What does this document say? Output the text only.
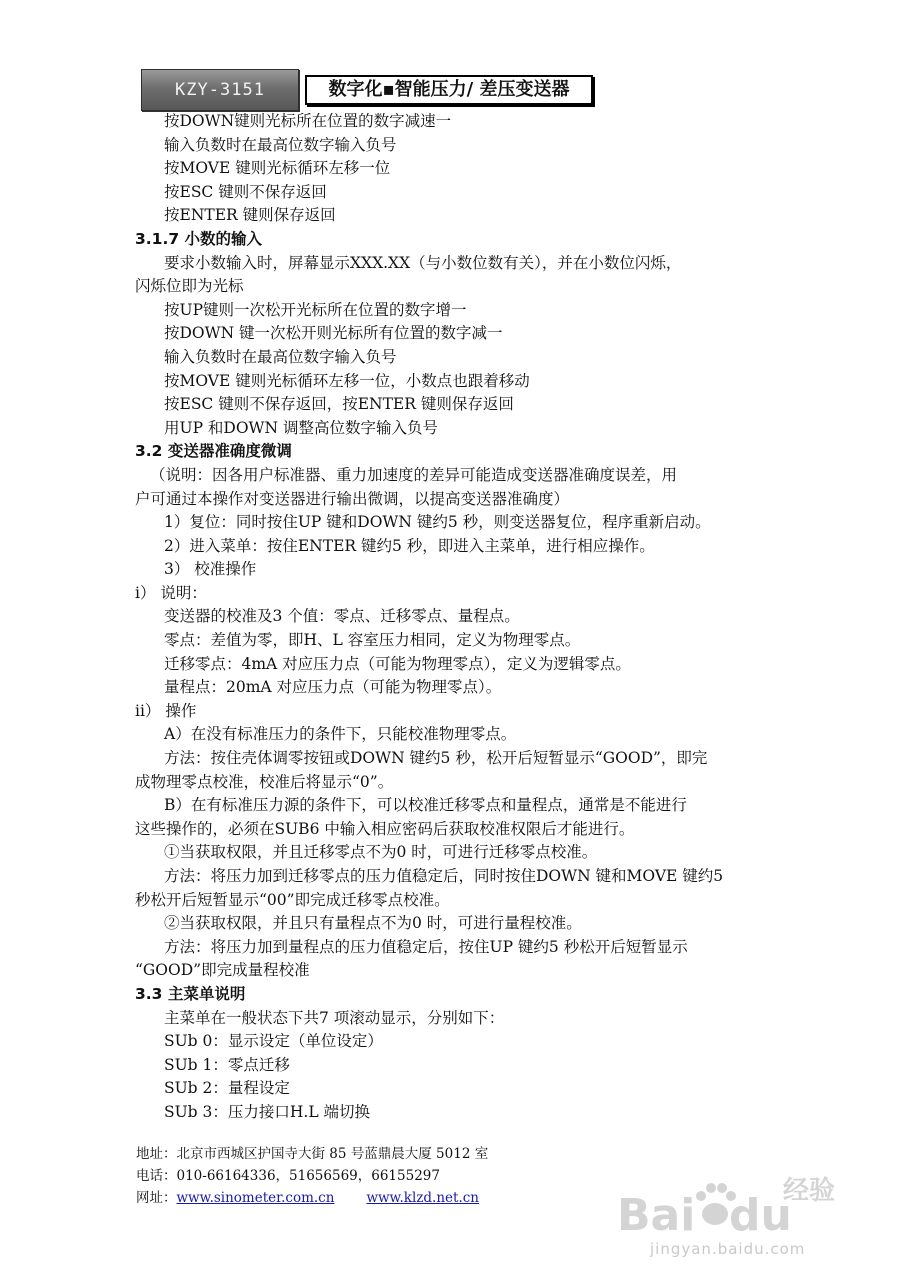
KZY-3151	数字化▪智能压力/ 差压变送器
按DOWN键则光标所在位置的数字减速一
输入负数时在最高位数字输入负号
按MOVE 键则光标循环左移一位
按ESC 键则不保存返回
按ENTER 键则保存返回
3.1.7 小数的输入
要求小数输入时，屏幕显示XXX.XX（与小数位数有关），并在小数位闪烁，
闪烁位即为光标
按UP键则一次松开光标所在位置的数字增一
按DOWN 键一次松开则光标所有位置的数字减一
输入负数时在最高位数字输入负号
按MOVE 键则光标循环左移一位，小数点也跟着移动
按ESC 键则不保存返回，按ENTER 键则保存返回
用UP 和DOWN 调整高位数字输入负号
3.2 变送器准确度微调
（说明：因各用户标准器、重力加速度的差异可能造成变送器准确度误差，用
户可通过本操作对变送器进行输出微调，以提高变送器准确度）
1）复位：同时按住UP 键和DOWN 键约5 秒，则变送器复位，程序重新启动。
2）进入菜单：按住ENTER 键约5 秒，即进入主菜单，进行相应操作。
3） 校准操作
i） 说明：
变送器的校准及3 个值：零点、迁移零点、量程点。
零点：差值为零，即H、L 容室压力相同，定义为物理零点。
迁移零点：4mA 对应压力点（可能为物理零点），定义为逻辑零点。
量程点：20mA 对应压力点（可能为物理零点）。
ii） 操作
A）在没有标准压力的条件下，只能校准物理零点。
方法：按住壳体调零按钮或DOWN 键约5 秒，松开后短暂显示“GOOD”，即完
成物理零点校准，校准后将显示“0”。
B）在有标准压力源的条件下，可以校准迁移零点和量程点，通常是不能进行
这些操作的，必须在SUB6 中输入相应密码后获取校准权限后才能进行。
①当获取权限，并且迁移零点不为0 时，可进行迁移零点校准。
方法：将压力加到迁移零点的压力值稳定后，同时按住DOWN 键和MOVE 键约5
秒松开后短暂显示“00”即完成迁移零点校准。
②当获取权限，并且只有量程点不为0 时，可进行量程校准。
方法：将压力加到量程点的压力值稳定后，按住UP 键约5 秒松开后短暂显示
“GOOD”即完成量程校准
3.3 主菜单说明
主菜单在一般状态下共7 项滚动显示，分别如下：
SUb 0：显示设定（单位设定）
SUb 1：零点迁移
SUb 2：量程设定
SUb 3：压力接口H.L 端切换
地址：北京市西城区护国寺大街 85 号蓝鼎晨大厦 5012 室
电话：010-66164336，51656569，66155297
网址：www.sinometer.com.cn www.klzd.net.cn	Bai du
经验
jingyan.baidu.com
